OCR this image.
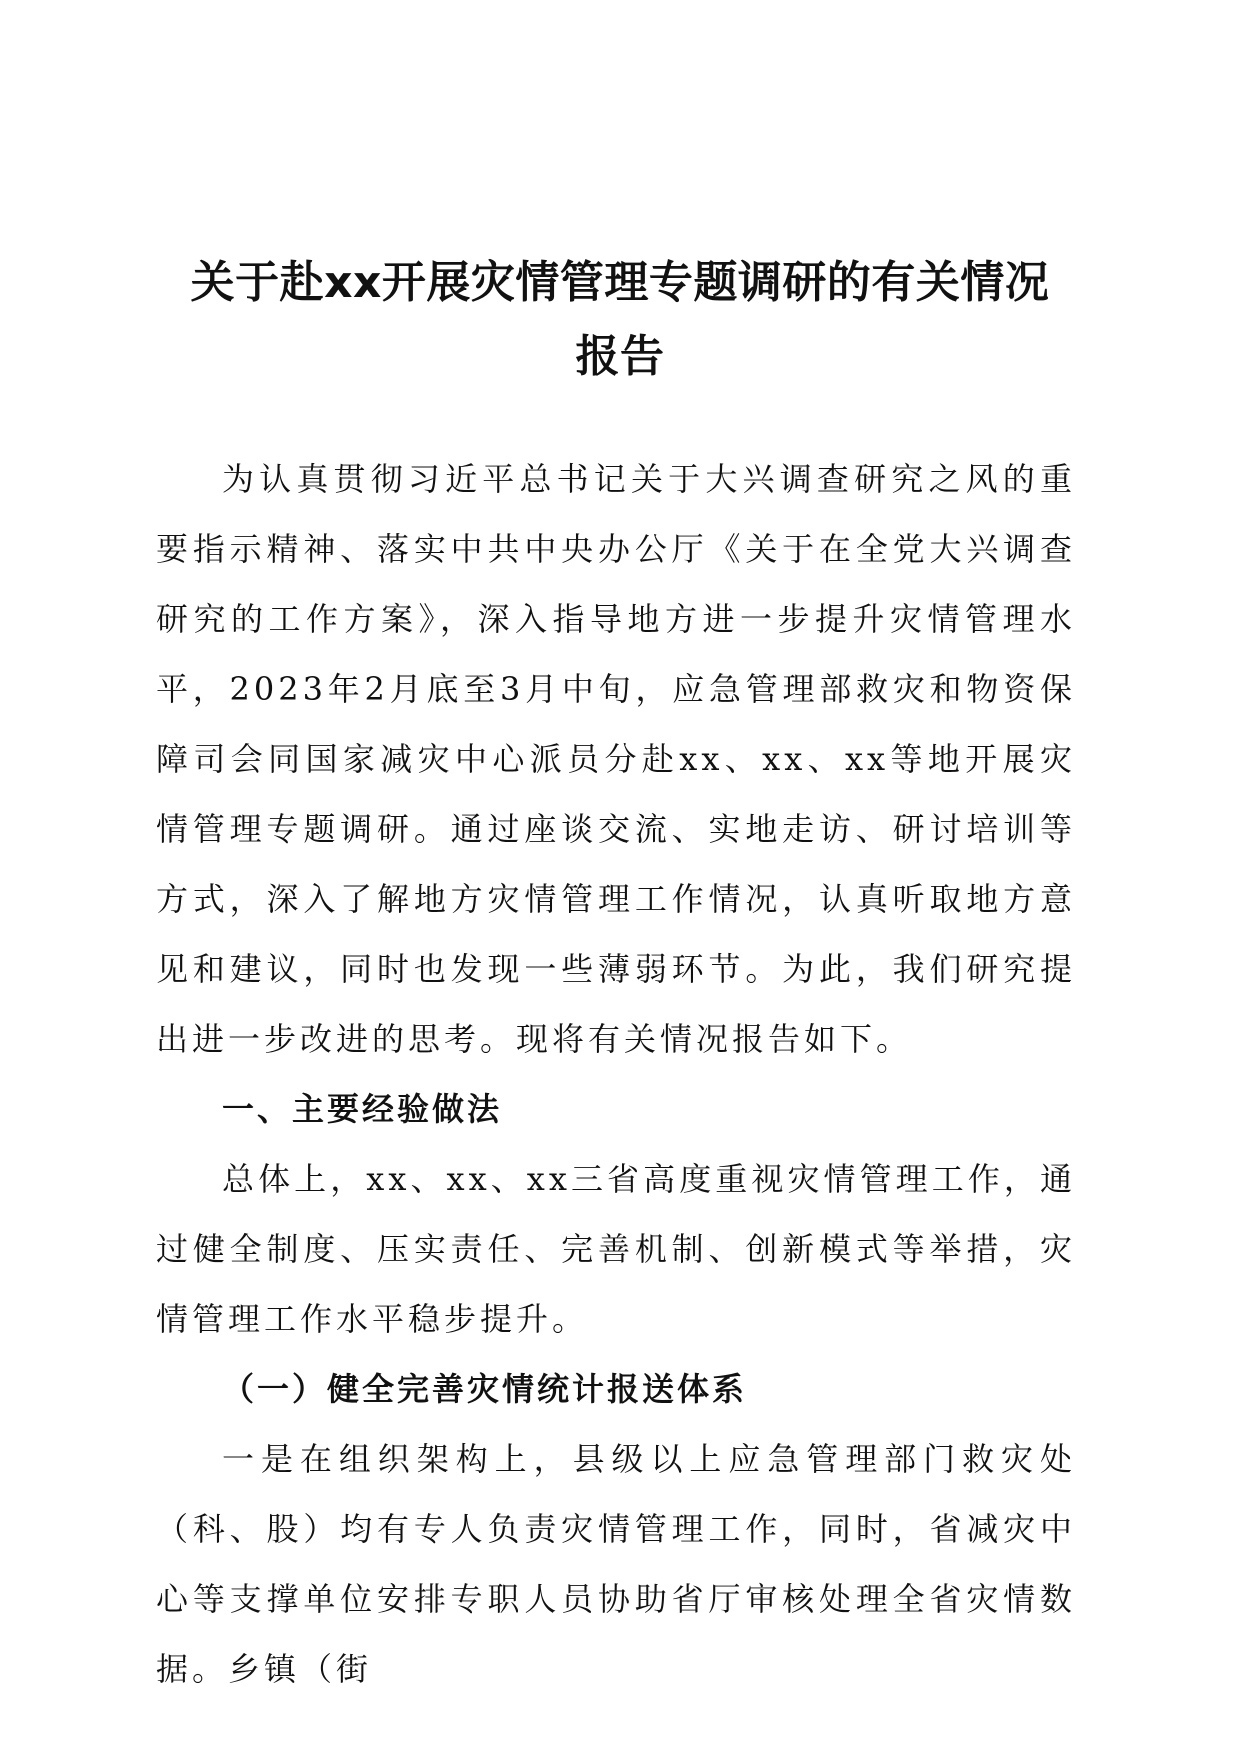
关于赴xx开展灾情管理专题调研的有关情况
报告

为认真贯彻习近平总书记关于大兴调查研究之风的重要指示精神、落实中共中央办公厅《关于在全党大兴调查研究的工作方案》，深入指导地方进一步提升灾情管理水平，2023年2月底至3月中旬，应急管理部救灾和物资保障司会同国家减灾中心派员分赴xx、xx、xx等地开展灾情管理专题调研。通过座谈交流、实地走访、研讨培训等方式，深入了解地方灾情管理工作情况，认真听取地方意见和建议，同时也发现一些薄弱环节。为此，我们研究提出进一步改进的思考。现将有关情况报告如下。

一、主要经验做法

总体上，xx、xx、xx三省高度重视灾情管理工作，通过健全制度、压实责任、完善机制、创新模式等举措，灾情管理工作水平稳步提升。

（一）健全完善灾情统计报送体系

一是在组织架构上，县级以上应急管理部门救灾处（科、股）均有专人负责灾情管理工作，同时，省减灾中心等支撑单位安排专职人员协助省厅审核处理全省灾情数据。乡镇（街
